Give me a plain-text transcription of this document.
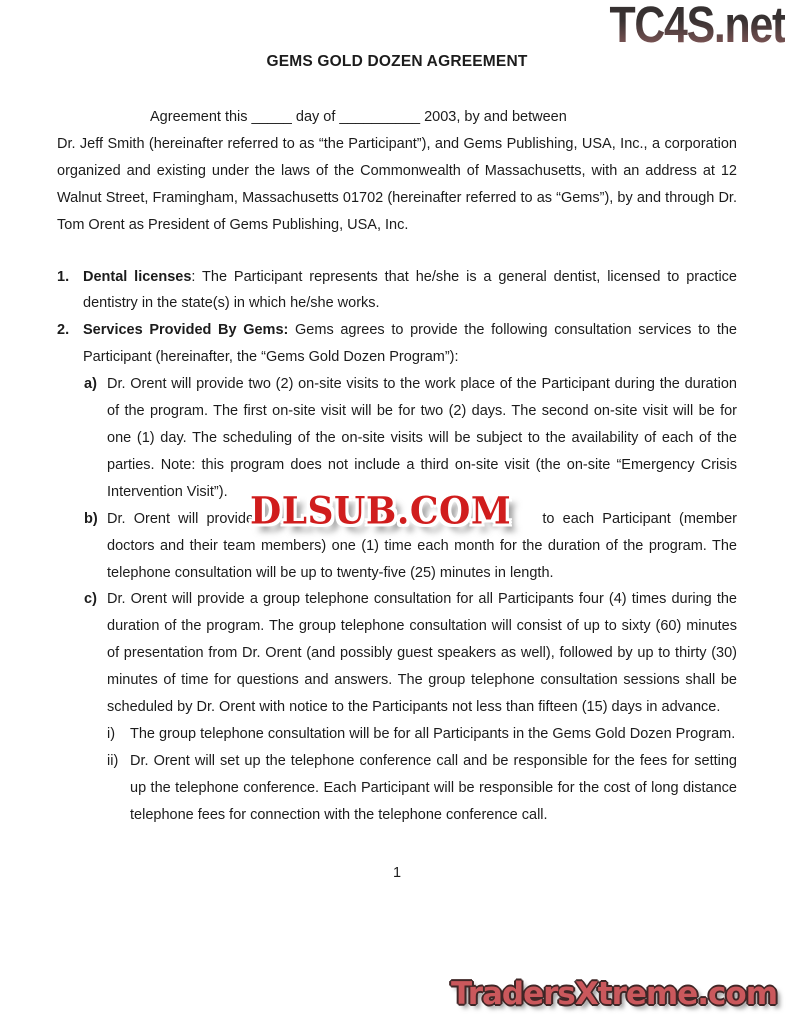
TC4S.net
GEMS GOLD DOZEN AGREEMENT

Agreement this _____ day of __________ 2003, by and between

Dr. Jeff Smith (hereinafter referred to as “the Participant”), and Gems Publishing, USA, Inc., a corporation organized and existing under the laws of the Commonwealth of Massachusetts, with an address at 12 Walnut Street, Framingham, Massachusetts 01702 (hereinafter referred to as “Gems”), by and through Dr. Tom Orent as President of Gems Publishing, USA, Inc.

1. Dental licenses: The Participant represents that he/she is a general dentist, licensed to practice dentistry in the state(s) in which he/she works.
2. Services Provided By Gems: Gems agrees to provide the following consultation services to the Participant (hereinafter, the “Gems Gold Dozen Program”):
a) Dr. Orent will provide two (2) on-site visits to the work place of the Participant during the duration of the program. The first on-site visit will be for two (2) days. The second on-site visit will be for one (1) day. The scheduling of the on-site visits will be subject to the availability of each of the parties. Note: this program does not include a third on-site visit (the on-site “Emergency Crisis Intervention Visit”).
b) Dr. Orent will provide	to each Participant (member doctors and their team members) one (1) time each month for the duration of the program. The telephone consultation will be up to twenty-five (25) minutes in length.
DLSUB.COM
c) Dr. Orent will provide a group telephone consultation for all Participants four (4) times during the duration of the program. The group telephone consultation will consist of up to sixty (60) minutes of presentation from Dr. Orent (and possibly guest speakers as well), followed by up to thirty (30) minutes of time for questions and answers. The group telephone consultation sessions shall be scheduled by Dr. Orent with notice to the Participants not less than fifteen (15) days in advance.
i) The group telephone consultation will be for all Participants in the Gems Gold Dozen Program.
ii) Dr. Orent will set up the telephone conference call and be responsible for the fees for setting up the telephone conference. Each Participant will be responsible for the cost of long distance telephone fees for connection with the telephone conference call.
1
TradersXtreme.com
